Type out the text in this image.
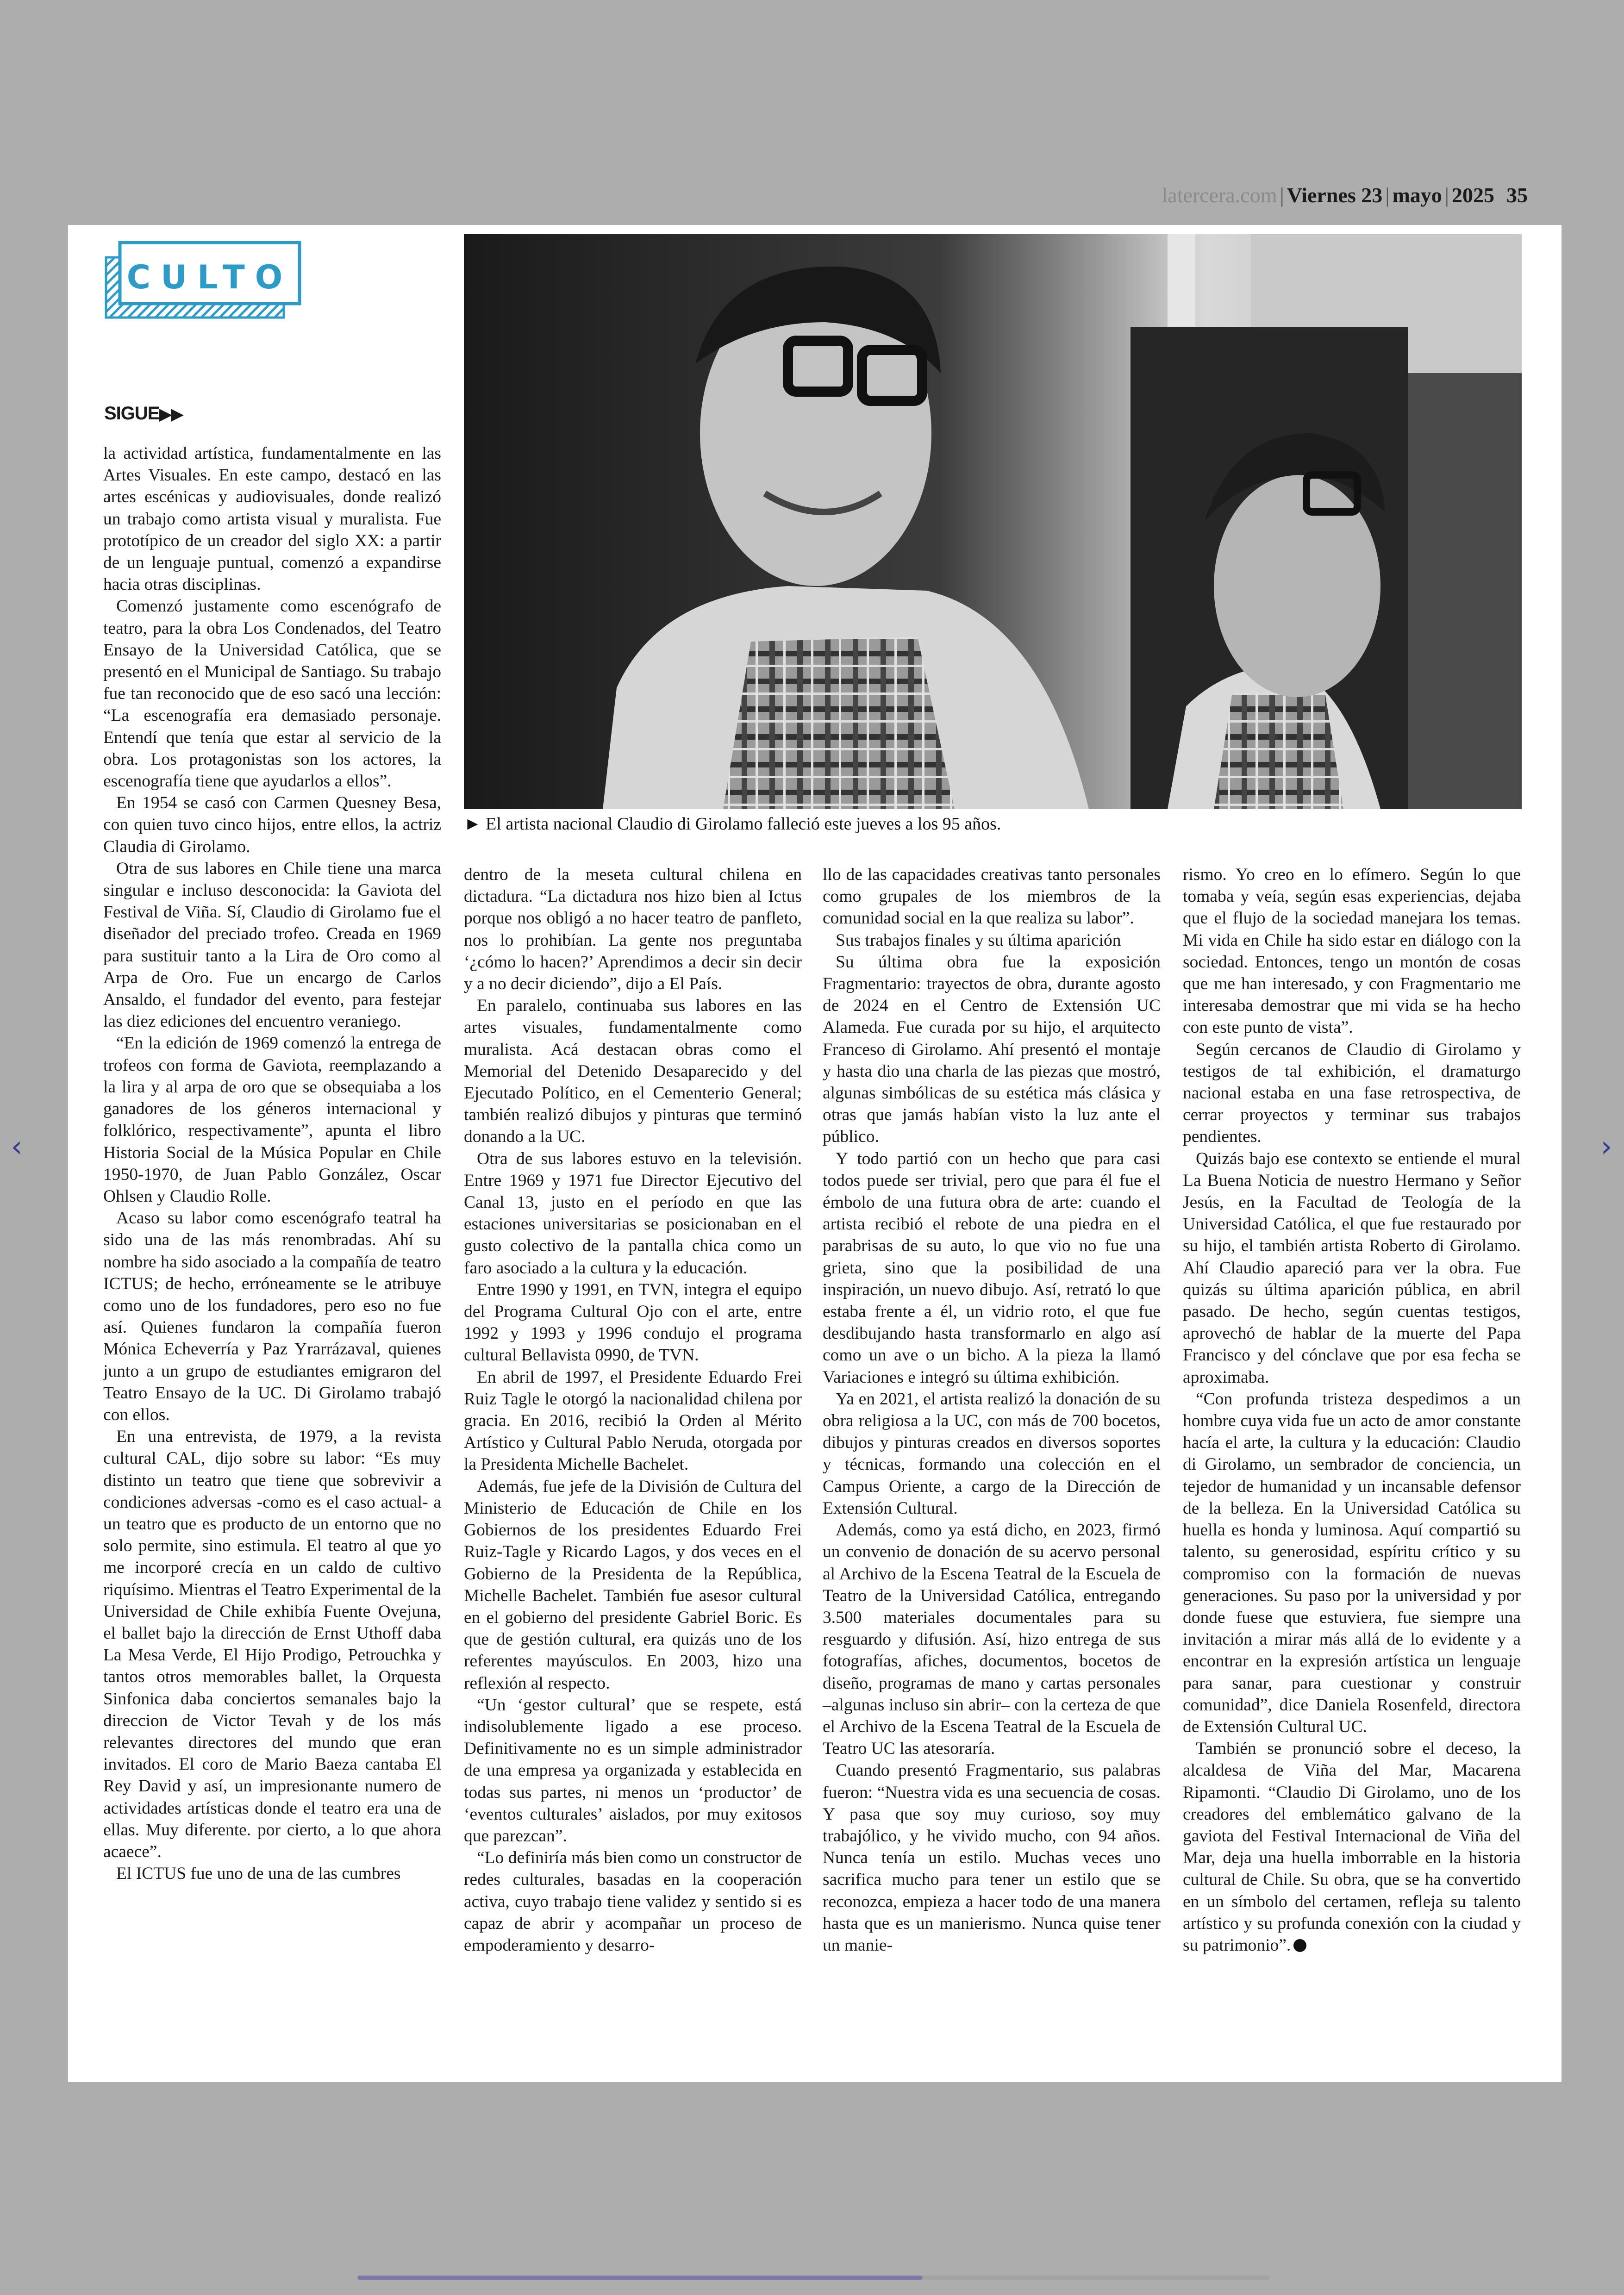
latercera.com | Viernes 23 | mayo | 2025 35
CULTO
SIGUE▶▶
► El artista nacional Claudio di Girolamo falleció este jueves a los 95 años.

la actividad artística, fundamentalmente en las Artes Visuales. En este campo, destacó en las artes escénicas y audiovisuales, donde realizó un trabajo como artista visual y muralista. Fue prototípico de un creador del siglo XX: a partir de un lenguaje puntual, comenzó a expandirse hacia otras disciplinas.

Comenzó justamente como escenógrafo de teatro, para la obra Los Condenados, del Teatro Ensayo de la Universidad Católica, que se presentó en el Municipal de Santiago. Su trabajo fue tan reconocido que de eso sacó una lección: “La escenografía era demasiado personaje. Entendí que tenía que estar al servicio de la obra. Los protagonistas son los actores, la escenografía tiene que ayudarlos a ellos”.

En 1954 se casó con Carmen Quesney Besa, con quien tuvo cinco hijos, entre ellos, la actriz Claudia di Girolamo.

Otra de sus labores en Chile tiene una marca singular e incluso desconocida: la Gaviota del Festival de Viña. Sí, Claudio di Girolamo fue el diseñador del preciado trofeo. Creada en 1969 para sustituir tanto a la Lira de Oro como al Arpa de Oro. Fue un encargo de Carlos Ansaldo, el fundador del evento, para festejar las diez ediciones del encuentro veraniego.

“En la edición de 1969 comenzó la entrega de trofeos con forma de Gaviota, reemplazando a la lira y al arpa de oro que se obsequiaba a los ganadores de los géneros internacional y folklórico, respectivamente”, apunta el libro Historia Social de la Música Popular en Chile 1950-1970, de Juan Pablo González, Oscar Ohlsen y Claudio Rolle.

Acaso su labor como escenógrafo teatral ha sido una de las más renombradas. Ahí su nombre ha sido asociado a la compañía de teatro ICTUS; de hecho, erróneamente se le atribuye como uno de los fundadores, pero eso no fue así. Quienes fundaron la compañía fueron Mónica Echeverría y Paz Yrarrázaval, quienes junto a un grupo de estudiantes emigraron del Teatro Ensayo de la UC. Di Girolamo trabajó con ellos.

En una entrevista, de 1979, a la revista cultural CAL, dijo sobre su labor: “Es muy distinto un teatro que tiene que sobrevivir a condiciones adversas -como es el caso actual- a un teatro que es producto de un entorno que no solo permite, sino estimula. El teatro al que yo me incorporé crecía en un caldo de cultivo riquísimo. Mientras el Teatro Experimental de la Universidad de Chile exhibía Fuente Ovejuna, el ballet bajo la dirección de Ernst Uthoff daba La Mesa Verde, El Hijo Prodigo, Petrouchka y tantos otros memorables ballet, la Orquesta Sinfonica daba conciertos semanales bajo la direccion de Victor Tevah y de los más relevantes directores del mundo que eran invitados. El coro de Mario Baeza cantaba El Rey David y así, un impresionante numero de actividades artísticas donde el teatro era una de ellas. Muy diferente. por cierto, a lo que ahora acaece”.

El ICTUS fue uno de una de las cumbres

dentro de la meseta cultural chilena en dictadura. “La dictadura nos hizo bien al Ictus porque nos obligó a no hacer teatro de panfleto, nos lo prohibían. La gente nos preguntaba ‘¿cómo lo hacen?’ Aprendimos a decir sin decir y a no decir diciendo”, dijo a El País.

En paralelo, continuaba sus labores en las artes visuales, fundamentalmente como muralista. Acá destacan obras como el Memorial del Detenido Desaparecido y del Ejecutado Político, en el Cementerio General; también realizó dibujos y pinturas que terminó donando a la UC.

Otra de sus labores estuvo en la televisión. Entre 1969 y 1971 fue Director Ejecutivo del Canal 13, justo en el período en que las estaciones universitarias se posicionaban en el gusto colectivo de la pantalla chica como un faro asociado a la cultura y la educación.

Entre 1990 y 1991, en TVN, integra el equipo del Programa Cultural Ojo con el arte, entre 1992 y 1993 y 1996 condujo el programa cultural Bellavista 0990, de TVN.

En abril de 1997, el Presidente Eduardo Frei Ruiz Tagle le otorgó la nacionalidad chilena por gracia. En 2016, recibió la Orden al Mérito Artístico y Cultural Pablo Neruda, otorgada por la Presidenta Michelle Bachelet.

Además, fue jefe de la División de Cultura del Ministerio de Educación de Chile en los Gobiernos de los presidentes Eduardo Frei Ruiz-Tagle y Ricardo Lagos, y dos veces en el Gobierno de la Presidenta de la República, Michelle Bachelet. También fue asesor cultural en el gobierno del presidente Gabriel Boric. Es que de gestión cultural, era quizás uno de los referentes mayúsculos. En 2003, hizo una reflexión al respecto.

“Un ‘gestor cultural’ que se respete, está indisolublemente ligado a ese proceso. Definitivamente no es un simple administrador de una empresa ya organizada y establecida en todas sus partes, ni menos un ‘productor’ de ‘eventos culturales’ aislados, por muy exitosos que parezcan”.

“Lo definiría más bien como un constructor de redes culturales, basadas en la cooperación activa, cuyo trabajo tiene validez y sentido si es capaz de abrir y acompañar un proceso de empoderamiento y desarro-

llo de las capacidades creativas tanto personales como grupales de los miembros de la comunidad social en la que realiza su labor”.

Sus trabajos finales y su última aparición

Su última obra fue la exposición Fragmentario: trayectos de obra, durante agosto de 2024 en el Centro de Extensión UC Alameda. Fue curada por su hijo, el arquitecto Franceso di Girolamo. Ahí presentó el montaje y hasta dio una charla de las piezas que mostró, algunas simbólicas de su estética más clásica y otras que jamás habían visto la luz ante el público.

Y todo partió con un hecho que para casi todos puede ser trivial, pero que para él fue el émbolo de una futura obra de arte: cuando el artista recibió el rebote de una piedra en el parabrisas de su auto, lo que vio no fue una grieta, sino que la posibilidad de una inspiración, un nuevo dibujo. Así, retrató lo que estaba frente a él, un vidrio roto, el que fue desdibujando hasta transformarlo en algo así como un ave o un bicho. A la pieza la llamó Variaciones e integró su última exhibición.

Ya en 2021, el artista realizó la donación de su obra religiosa a la UC, con más de 700 bocetos, dibujos y pinturas creados en diversos soportes y técnicas, formando una colección en el Campus Oriente, a cargo de la Dirección de Extensión Cultural.

Además, como ya está dicho, en 2023, firmó un convenio de donación de su acervo personal al Archivo de la Escena Teatral de la Escuela de Teatro de la Universidad Católica, entregando 3.500 materiales documentales para su resguardo y difusión. Así, hizo entrega de sus fotografías, afiches, documentos, bocetos de diseño, programas de mano y cartas personales –algunas incluso sin abrir– con la certeza de que el Archivo de la Escena Teatral de la Escuela de Teatro UC las atesoraría.

Cuando presentó Fragmentario, sus palabras fueron: “Nuestra vida es una secuencia de cosas. Y pasa que soy muy curioso, soy muy trabajólico, y he vivido mucho, con 94 años. Nunca tenía un estilo. Muchas veces uno sacrifica mucho para tener un estilo que se reconozca, empieza a hacer todo de una manera hasta que es un manierismo. Nunca quise tener un manie-

rismo. Yo creo en lo efímero. Según lo que tomaba y veía, según esas experiencias, dejaba que el flujo de la sociedad manejara los temas. Mi vida en Chile ha sido estar en diálogo con la sociedad. Entonces, tengo un montón de cosas que me han interesado, y con Fragmentario me interesaba demostrar que mi vida se ha hecho con este punto de vista”.

Según cercanos de Claudio di Girolamo y testigos de tal exhibición, el dramaturgo nacional estaba en una fase retrospectiva, de cerrar proyectos y terminar sus trabajos pendientes.

Quizás bajo ese contexto se entiende el mural La Buena Noticia de nuestro Hermano y Señor Jesús, en la Facultad de Teología de la Universidad Católica, el que fue restaurado por su hijo, el también artista Roberto di Girolamo. Ahí Claudio apareció para ver la obra. Fue quizás su última aparición pública, en abril pasado. De hecho, según cuentas testigos, aprovechó de hablar de la muerte del Papa Francisco y del cónclave que por esa fecha se aproximaba.

“Con profunda tristeza despedimos a un hombre cuya vida fue un acto de amor constante hacía el arte, la cultura y la educación: Claudio di Girolamo, un sembrador de conciencia, un tejedor de humanidad y un incansable defensor de la belleza. En la Universidad Católica su huella es honda y luminosa. Aquí compartió su talento, su generosidad, espíritu crítico y su compromiso con la formación de nuevas generaciones. Su paso por la universidad y por donde fuese que estuviera, fue siempre una invitación a mirar más allá de lo evidente y a encontrar en la expresión artística un lenguaje para sanar, para cuestionar y construir comunidad”, dice Daniela Rosenfeld, directora de Extensión Cultural UC.

También se pronunció sobre el deceso, la alcaldesa de Viña del Mar, Macarena Ripamonti. “Claudio Di Girolamo, uno de los creadores del emblemático galvano de la gaviota del Festival Internacional de Viña del Mar, deja una huella imborrable en la historia cultural de Chile. Su obra, que se ha convertido en un símbolo del certamen, refleja su talento artístico y su profunda conexión con la ciudad y su patrimonio”.

‹	›
